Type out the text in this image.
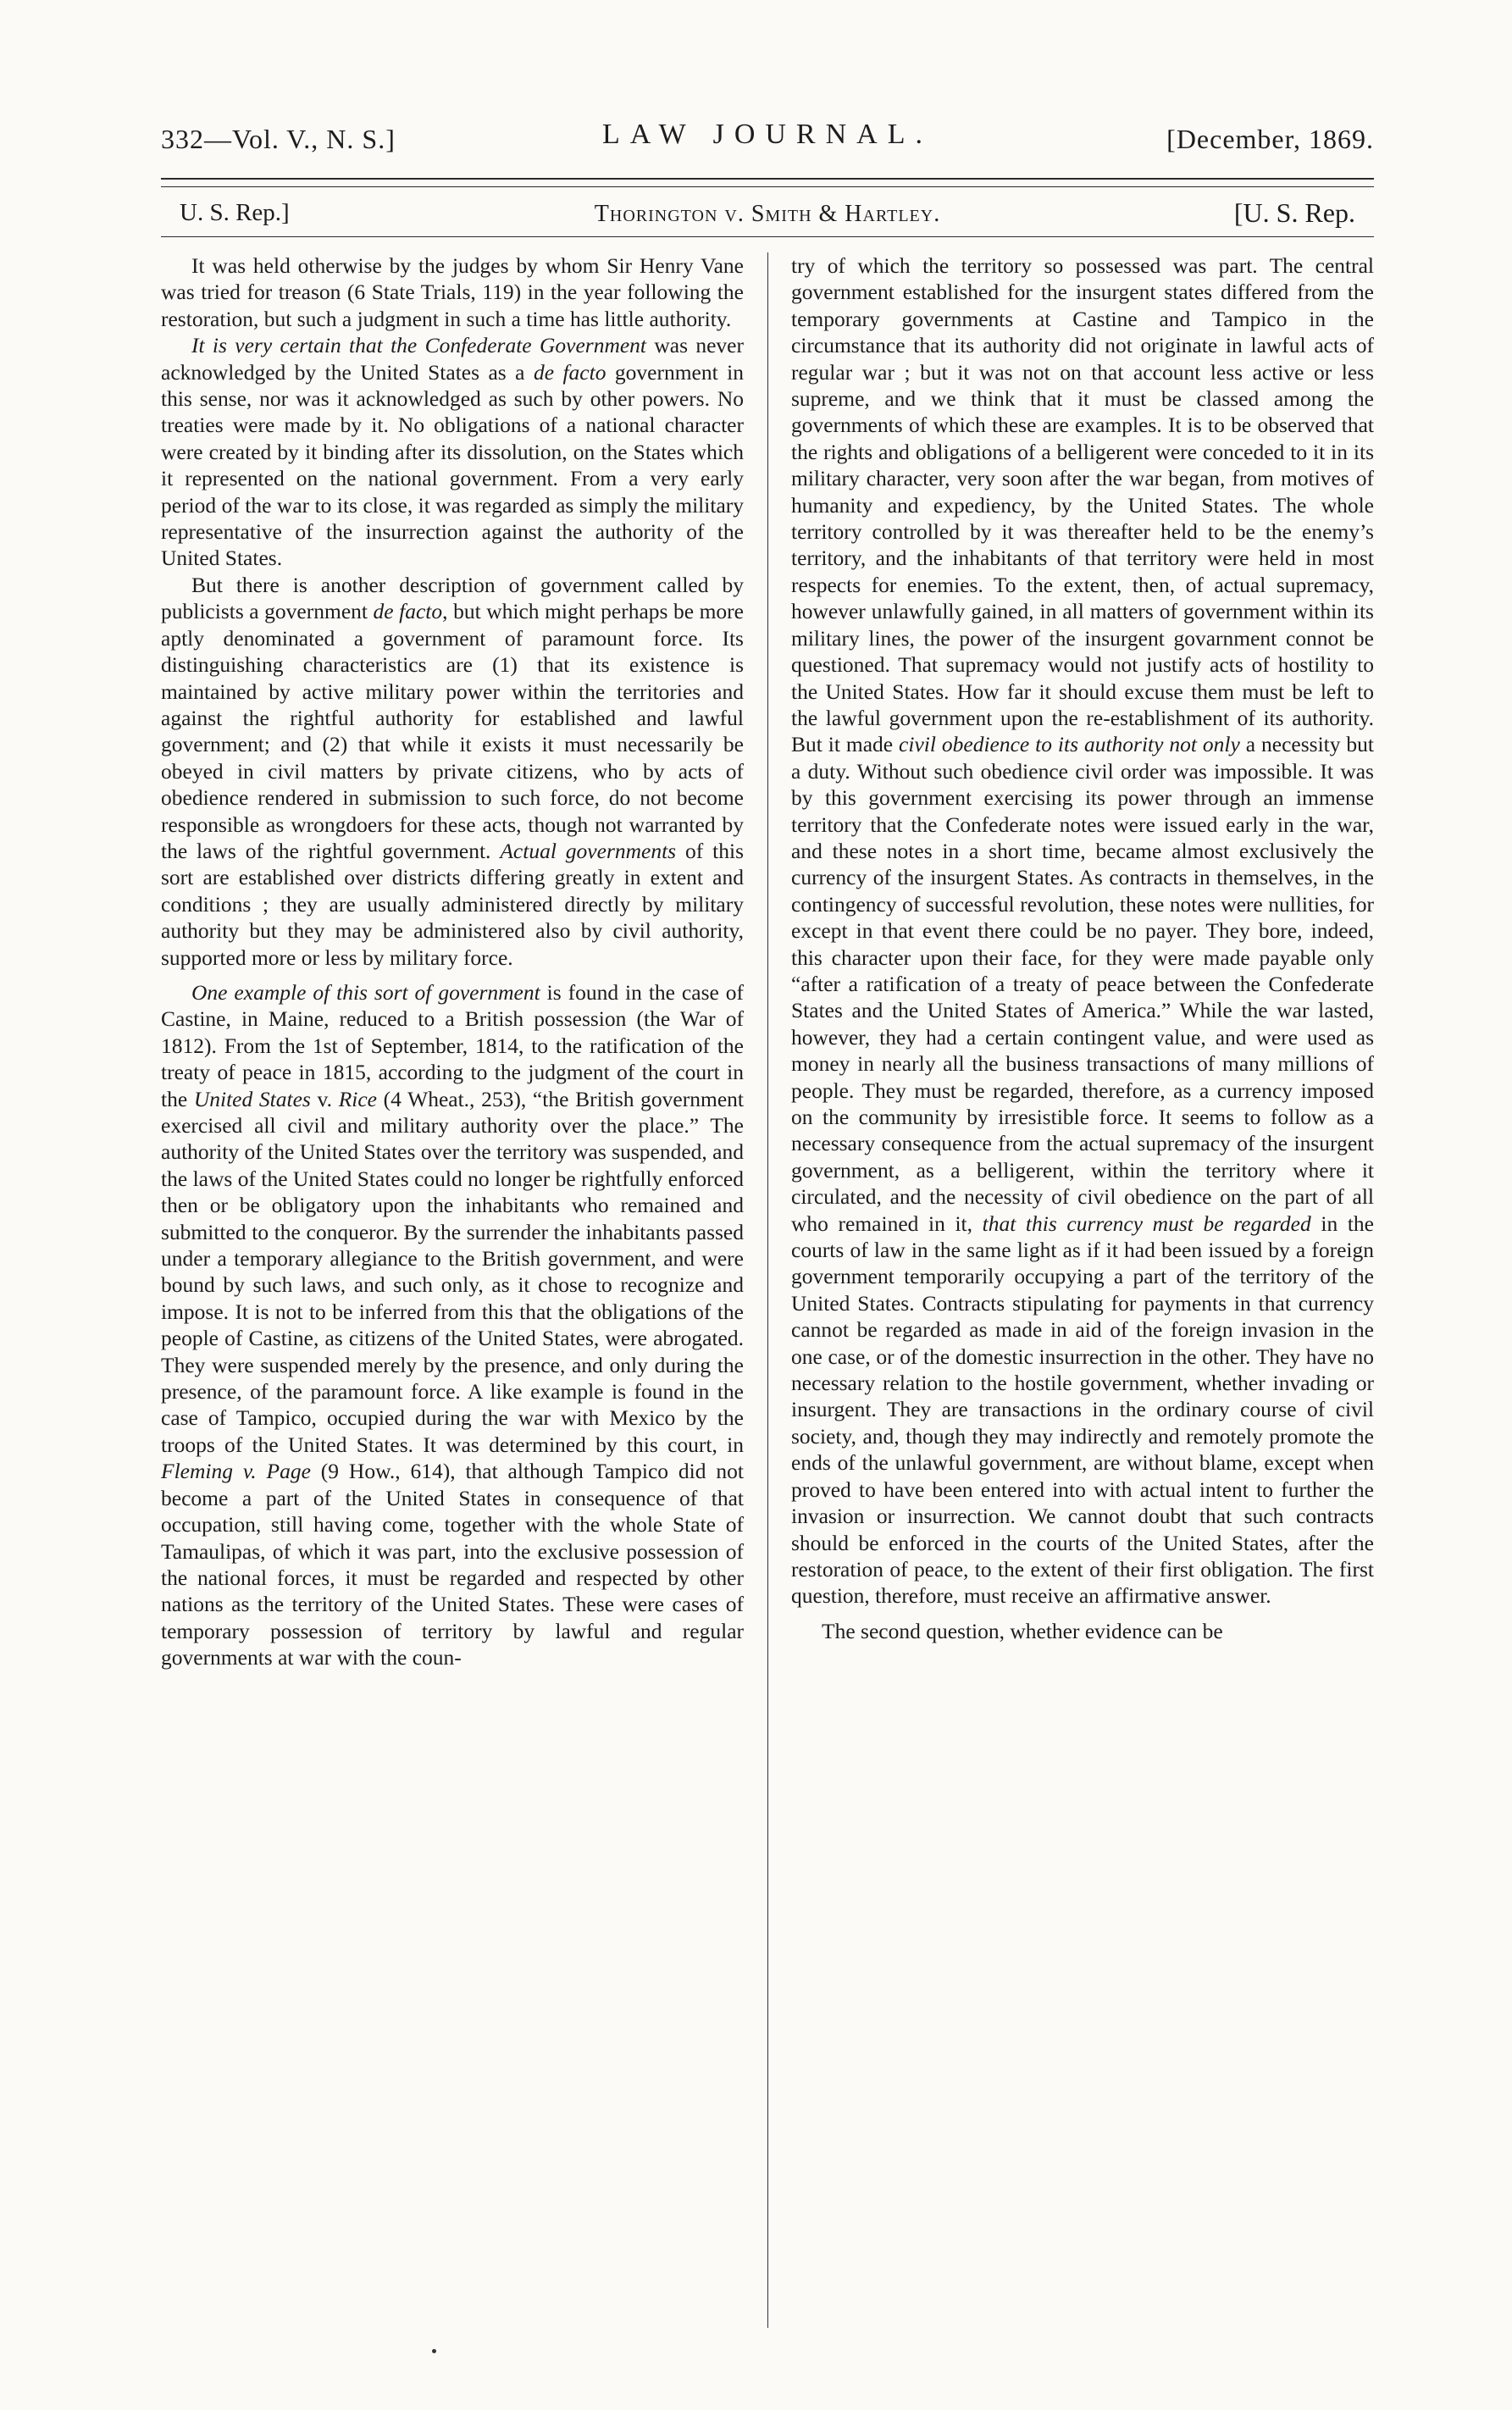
332—Vol. V., N. S.]	LAW JOURNAL.	[December, 1869.
U. S. Rep.]	Thorington v. Smith & Hartley.	[U. S. Rep.

It was held otherwise by the judges by whom Sir Henry Vane was tried for treason (6 State Trials, 119) in the year following the restoration, but such a judgment in such a time has little authority.

It is very certain that the Confederate Government was never acknowledged by the United States as a de facto government in this sense, nor was it acknowledged as such by other powers. No treaties were made by it. No obligations of a national character were created by it binding after its dissolution, on the States which it represented on the national government. From a very early period of the war to its close, it was regarded as simply the military representative of the insurrection against the authority of the United States.

But there is another description of government called by publicists a government de facto, but which might perhaps be more aptly denominated a government of paramount force. Its distinguishing characteristics are (1) that its existence is maintained by active military power within the territories and against the rightful authority for established and lawful government; and (2) that while it exists it must necessarily be obeyed in civil matters by private citizens, who by acts of obedience rendered in submission to such force, do not become responsible as wrongdoers for these acts, though not warranted by the laws of the rightful government. Actual governments of this sort are established over districts differing greatly in extent and conditions ; they are usually administered directly by military authority but they may be administered also by civil authority, supported more or less by military force.

One example of this sort of government is found in the case of Castine, in Maine, reduced to a British possession (the War of 1812). From the 1st of September, 1814, to the ratification of the treaty of peace in 1815, according to the judgment of the court in the United States v. Rice (4 Wheat., 253), “the British government exercised all civil and military authority over the place.” The authority of the United States over the territory was suspended, and the laws of the United States could no longer be rightfully enforced then or be obligatory upon the inhabitants who remained and submitted to the conqueror. By the surrender the inhabitants passed under a temporary allegiance to the British government, and were bound by such laws, and such only, as it chose to recognize and impose. It is not to be inferred from this that the obligations of the people of Castine, as citizens of the United States, were abrogated. They were suspended merely by the presence, and only during the presence, of the paramount force. A like example is found in the case of Tampico, occupied during the war with Mexico by the troops of the United States. It was determined by this court, in Fleming v. Page (9 How., 614), that although Tampico did not become a part of the United States in consequence of that occupation, still having come, together with the whole State of Tamaulipas, of which it was part, into the exclusive possession of the national forces, it must be regarded and respected by other nations as the territory of the United States. These were cases of temporary possession of territory by lawful and regular governments at war with the coun-

try of which the territory so possessed was part. The central government established for the insurgent states differed from the temporary governments at Castine and Tampico in the circumstance that its authority did not originate in lawful acts of regular war ; but it was not on that account less active or less supreme, and we think that it must be classed among the governments of which these are examples. It is to be observed that the rights and obligations of a belligerent were conceded to it in its military character, very soon after the war began, from motives of humanity and expediency, by the United States. The whole territory controlled by it was thereafter held to be the enemy’s territory, and the inhabitants of that territory were held in most respects for enemies. To the extent, then, of actual supremacy, however unlawfully gained, in all matters of government within its military lines, the power of the insurgent govarnment connot be questioned. That supremacy would not justify acts of hostility to the United States. How far it should excuse them must be left to the lawful government upon the re-establishment of its authority. But it made civil obedience to its authority not only a necessity but a duty. Without such obedience civil order was impossible. It was by this government exercising its power through an immense territory that the Confederate notes were issued early in the war, and these notes in a short time, became almost exclusively the currency of the insurgent States. As contracts in themselves, in the contingency of successful revolution, these notes were nullities, for except in that event there could be no payer. They bore, indeed, this character upon their face, for they were made payable only “after a ratification of a treaty of peace between the Confederate States and the United States of America.” While the war lasted, however, they had a certain contingent value, and were used as money in nearly all the business transactions of many millions of people. They must be regarded, therefore, as a currency imposed on the community by irresistible force. It seems to follow as a necessary consequence from the actual supremacy of the insurgent government, as a belligerent, within the territory where it circulated, and the necessity of civil obedience on the part of all who remained in it, that this currency must be regarded in the courts of law in the same light as if it had been issued by a foreign government temporarily occupying a part of the territory of the United States. Contracts stipulating for payments in that currency cannot be regarded as made in aid of the foreign invasion in the one case, or of the domestic insurrection in the other. They have no necessary relation to the hostile government, whether invading or insurgent. They are transactions in the ordinary course of civil society, and, though they may indirectly and remotely promote the ends of the unlawful government, are without blame, except when proved to have been entered into with actual intent to further the invasion or insurrection. We cannot doubt that such contracts should be enforced in the courts of the United States, after the restoration of peace, to the extent of their first obligation. The first question, therefore, must receive an affirmative answer.

The second question, whether evidence can be
